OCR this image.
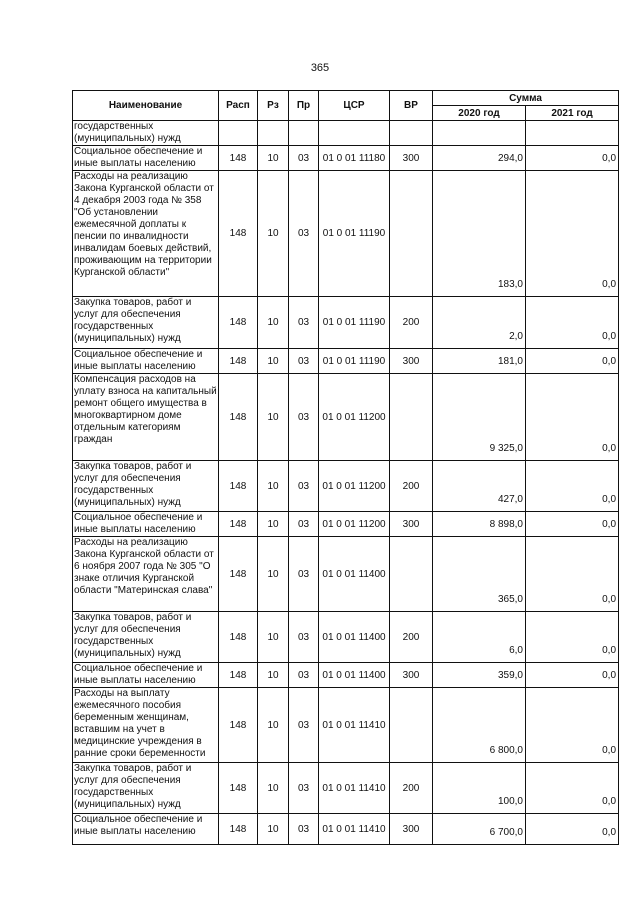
365
Наименование	Расп	Рз	Пр	ЦСР	ВР	Сумма	
						2020 год	2021 год
государственных
(муниципальных) нужд							
Социальное обеспечение и иные выплаты населению	148	10	03	01 0 01 11180	300	294,0	0,0
Расходы на реализацию Закона Курганской области от 4 декабря 2003 года № 358 "Об установлении ежемесячной доплаты к пенсии по инвалидности инвалидам боевых действий, проживающим на территории Курганской области"	148	10	03	01 0 01 11190		183,0	0,0
Закупка товаров, работ и услуг для обеспечения государственных (муниципальных) нужд	148	10	03	01 0 01 11190	200	2,0	0,0
Социальное обеспечение и иные выплаты населению	148	10	03	01 0 01 11190	300	181,0	0,0
Компенсация расходов на уплату взноса на капитальный ремонт общего имущества в многоквартирном доме отдельным категориям граждан	148	10	03	01 0 01 11200		9 325,0	0,0
Закупка товаров, работ и услуг для обеспечения государственных (муниципальных) нужд	148	10	03	01 0 01 11200	200	427,0	0,0
Социальное обеспечение и иные выплаты населению	148	10	03	01 0 01 11200	300	8 898,0	0,0
Расходы на реализацию Закона Курганской области от 6 ноября 2007 года № 305 "О знаке отличия Курганской области "Материнская слава"	148	10	03	01 0 01 11400		365,0	0,0
Закупка товаров, работ и услуг для обеспечения государственных (муниципальных) нужд	148	10	03	01 0 01 11400	200	6,0	0,0
Социальное обеспечение и иные выплаты населению	148	10	03	01 0 01 11400	300	359,0	0,0
Расходы на выплату ежемесячного пособия беременным женщинам, вставшим на учет в медицинские учреждения в ранние сроки беременности	148	10	03	01 0 01 11410		6 800,0	0,0
Закупка товаров, работ и услуг для обеспечения государственных (муниципальных) нужд	148	10	03	01 0 01 11410	200	100,0	0,0
Социальное обеспечение и иные выплаты населению	148	10	03	01 0 01 11410	300	6 700,0	0,0
